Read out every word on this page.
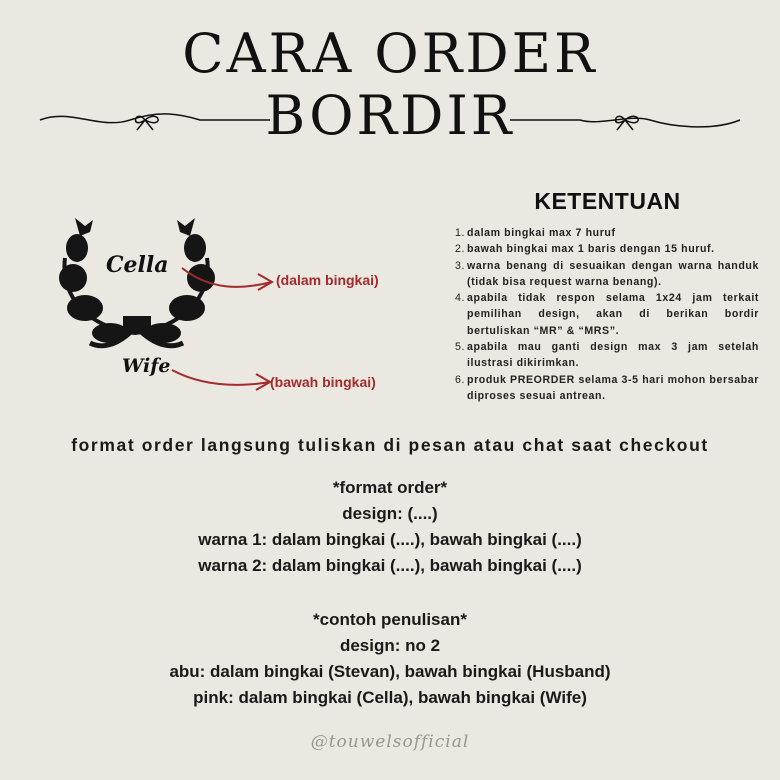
CARA ORDER
BORDIR
Cella
Wife
(dalam bingkai)
(bawah bingkai)
KETENTUAN
1. dalam bingkai max 7 huruf
2. bawah bingkai max 1 baris dengan 15 huruf.
3. warna benang di sesuaikan dengan warna handuk (tidak bisa request warna benang).
4. apabila tidak respon selama 1x24 jam terkait pemilihan design, akan di berikan bordir bertuliskan “MR” & “MRS”.
5. apabila mau ganti design max 3 jam setelah ilustrasi dikirimkan.
6. produk PREORDER selama 3-5 hari mohon bersabar diproses sesuai antrean.
format order langsung tuliskan di pesan atau chat saat checkout
*format order*
design: (....)
warna 1: dalam bingkai (....), bawah bingkai (....)
warna 2: dalam bingkai (....), bawah bingkai (....)
*contoh penulisan*
design: no 2
abu: dalam bingkai (Stevan), bawah bingkai (Husband)
pink: dalam bingkai (Cella), bawah bingkai (Wife)
@touwelsofficial
